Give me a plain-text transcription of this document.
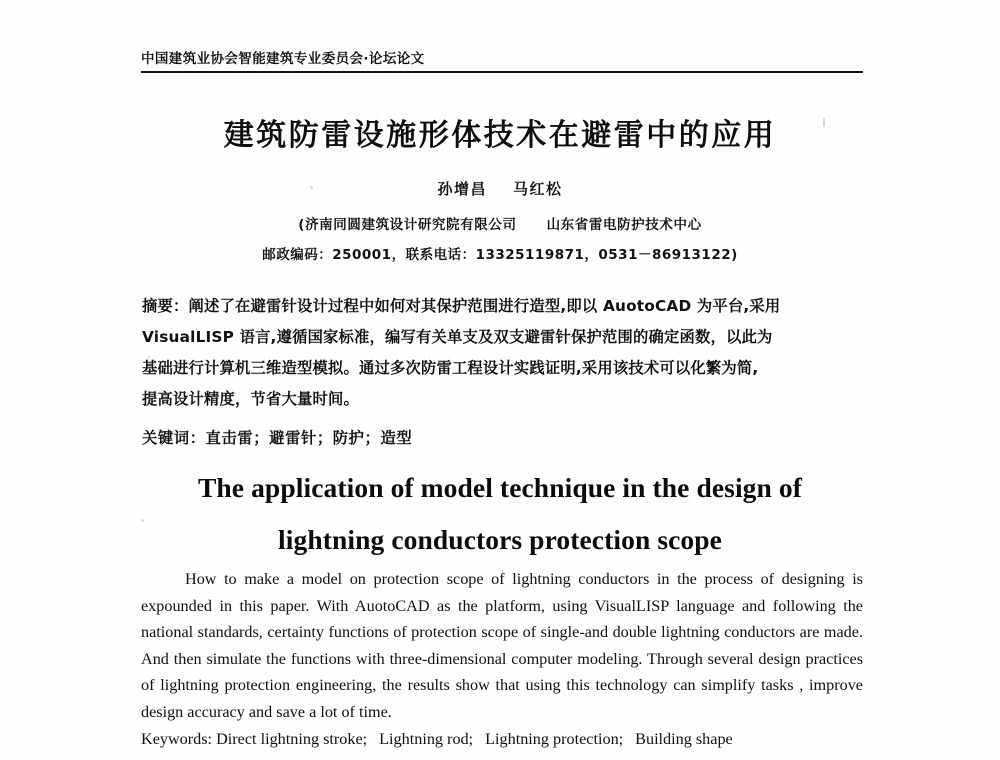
中国建筑业协会智能建筑专业委员会·论坛论文
建筑防雷设施形体技术在避雷中的应用
孙增昌 马红松
(济南同圆建筑设计研究院有限公司 山东省雷电防护技术中心
邮政编码：250001，联系电话：13325119871，0531－86913122)
摘要：阐述了在避雷针设计过程中如何对其保护范围进行造型,即以 AuotoCAD 为平台,采用
VisualLISP 语言,遵循国家标准，编写有关单支及双支避雷针保护范围的确定函数，以此为
基础进行计算机三维造型模拟。通过多次防雷工程设计实践证明,采用该技术可以化繁为简,
提高设计精度，节省大量时间。
关键词：直击雷；避雷针；防护；造型
The application of model technique in the design of
lightning conductors protection scope
How to make a model on protection scope of lightning conductors in the process of designing is expounded in this paper. With AuotoCAD as the platform, using VisualLISP language and following the national standards, certainty functions of protection scope of single-and double lightning conductors are made. And then simulate the functions with three-dimensional computer modeling. Through several design practices of lightning protection engineering, the results show that using this technology can simplify tasks , improve design accuracy and save a lot of time.
Keywords: Direct lightning stroke; Lightning rod; Lightning protection; Building shape
